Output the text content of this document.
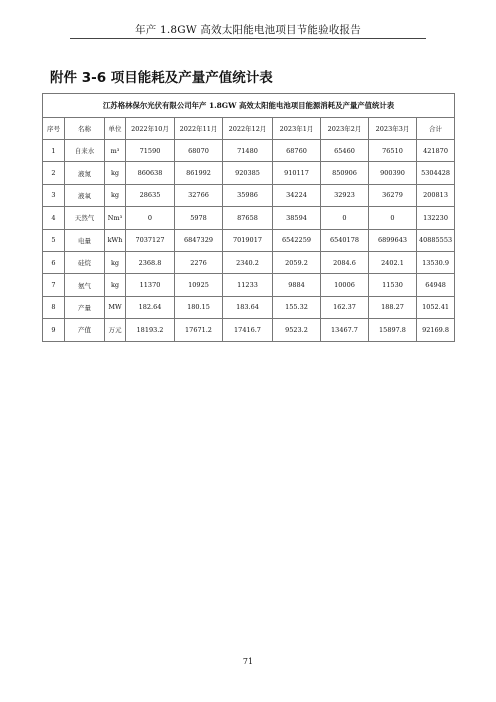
年产 1.8GW 高效太阳能电池项目节能验收报告
附件 3-6 项目能耗及产量产值统计表
江苏格林保尔光伏有限公司年产 1.8GW 高效太阳能电池项目能源消耗及产量产值统计表									
序号	名称	单位	2022年10月	2022年11月	2022年12月	2023年1月	2023年2月	2023年3月	合计
1	自来水	m³	71590	68070	71480	68760	65460	76510	421870
2	液氮	kg	860638	861992	920385	910117	850906	900390	5304428
3	液氧	kg	28635	32766	35986	34224	32923	36279	200813
4	天然气	Nm³	0	5978	87658	38594	0	0	132230
5	电量	kWh	7037127	6847329	7019017	6542259	6540178	6899643	40885553
6	硅烷	kg	2368.8	2276	2340.2	2059.2	2084.6	2402.1	13530.9
7	氨气	kg	11370	10925	11233	9884	10006	11530	64948
8	产量	MW	182.64	180.15	183.64	155.32	162.37	188.27	1052.41
9	产值	万元	18193.2	17671.2	17416.7	9523.2	13467.7	15897.8	92169.8
71
